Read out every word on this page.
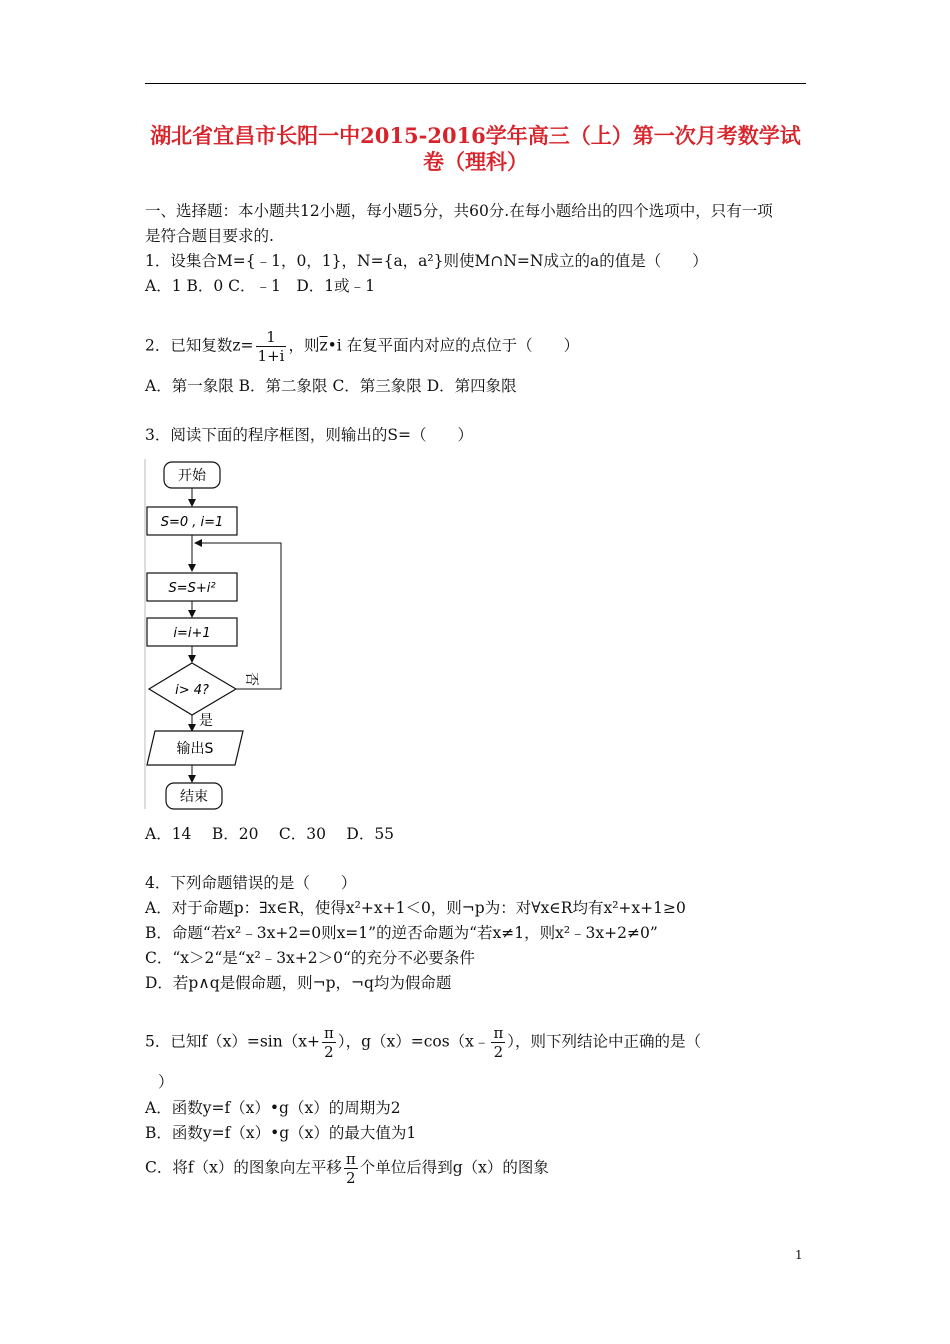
湖北省宜昌市长阳一中2015-2016学年高三（上）第一次月考数学试
卷（理科）
一、选择题：本小题共12小题，每小题5分，共60分.在每小题给出的四个选项中，只有一项
是符合题目要求的.
1．设集合M={﹣1，0，1}，N={a，a²}则使M∩N=N成立的a的值是（　　）
A．1 B．0 C．﹣1　D．1或﹣1
2．已知复数$z= \frac{1}{1+i}$ ，则$\overline{z}•i$ 在复平面内对应的点位于（　　）
A．第一象限 B．第二象限 C．第三象限 D．第四象限
3．阅读下面的程序框图，则输出的S=（　　）
开始
S=0 , i=1
S=S+i²
i=i+1
i> 4?
否
是
输出S
结束
A．14　 B．20　 C．30　 D．55
4．下列命题错误的是（　　）
A．对于命题p：∃x∈R，使得x²+x+1＜0，则¬p为：对∀x∈R均有x²+x+1≥0
B．命题“若x²﹣3x+2=0则x=1”的逆否命题为“若x≠1，则x²﹣3x+2≠0”
C．“x＞2“是“x²﹣3x+2＞0“的充分不必要条件
D．若p∧q是假命题，则¬p，¬q均为假命题
5．已知$f(x)=\sin(x+ \frac{\pi}{2}$ ），g（x）=cos（x﹣ $\frac{\pi}{2}$ ），则下列结论中正确的是（
）
A．函数y=f（x）•g（x）的周期为2
B．函数y=f（x）•g（x）的最大值为1
C．将f（x）的图象向左平移 $\frac{\pi}{2}$ 个单位后得到g（x）的图象
1
